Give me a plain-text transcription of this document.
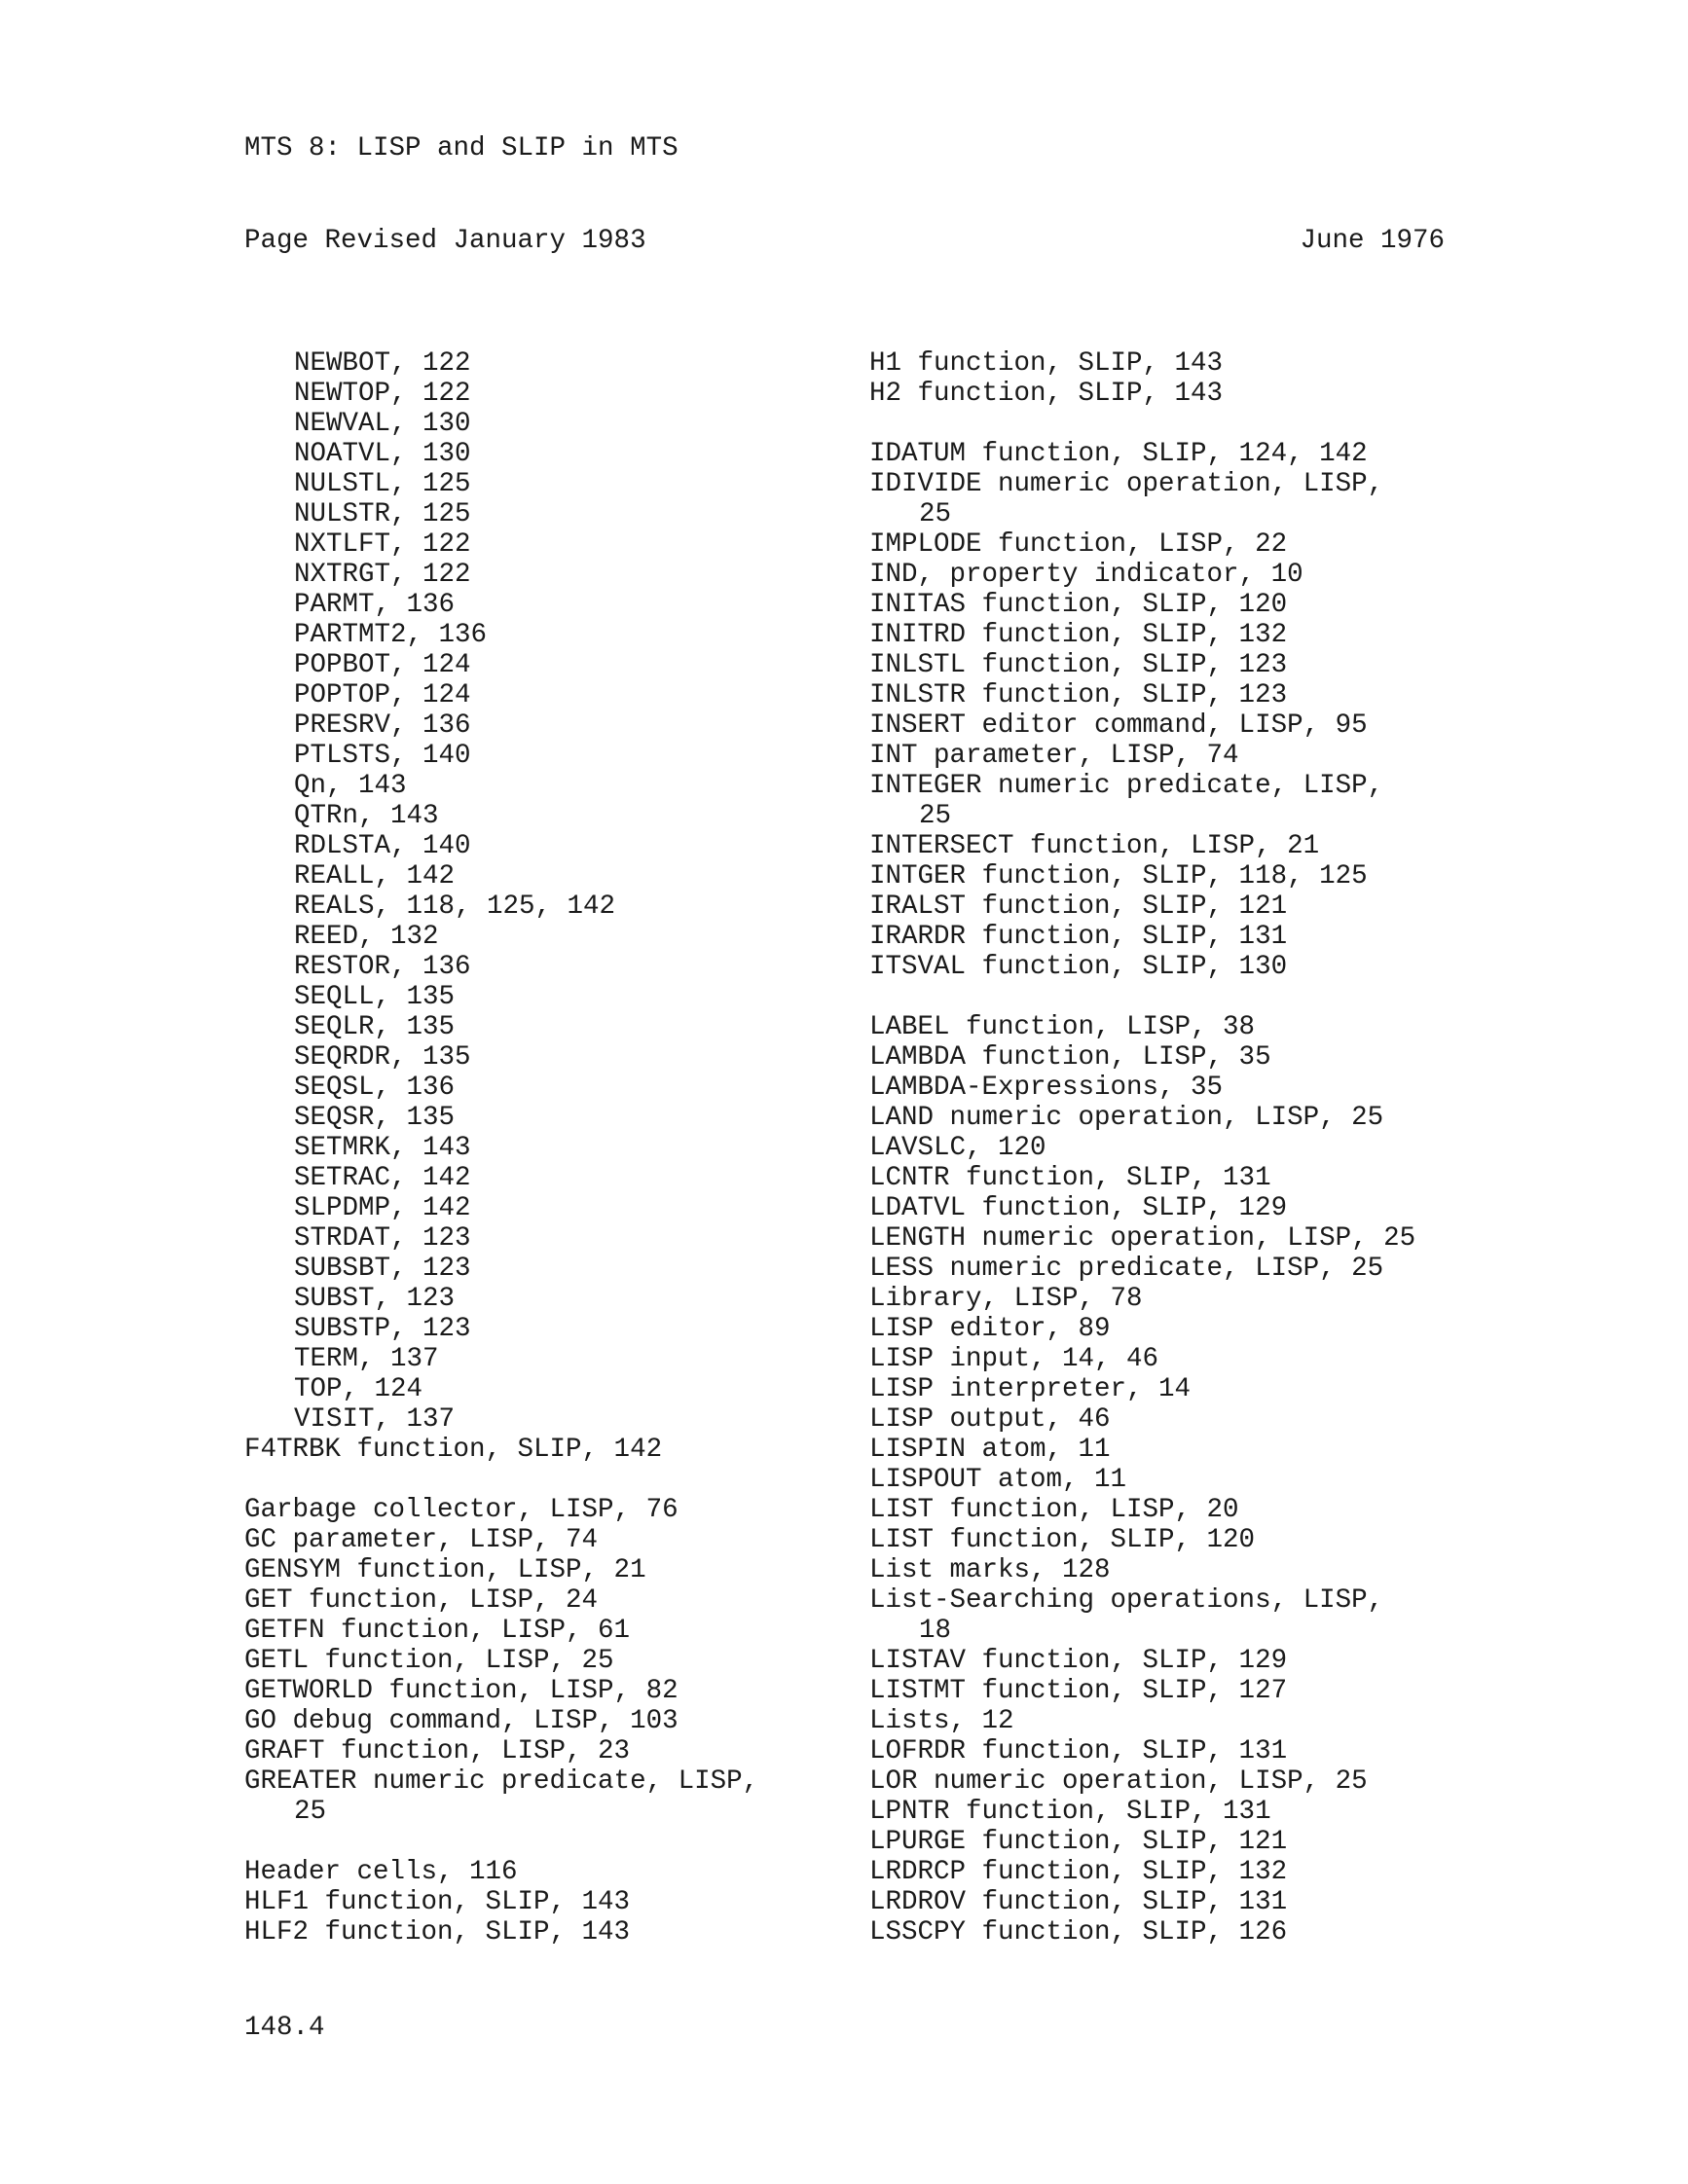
MTS 8: LISP and SLIP in MTS
Page Revised January 1983	June 1976
NEWBOT, 122
NEWTOP, 122
NEWVAL, 130
NOATVL, 130
NULSTL, 125
NULSTR, 125
NXTLFT, 122
NXTRGT, 122
PARMT, 136
PARTMT2, 136
POPBOT, 124
POPTOP, 124
PRESRV, 136
PTLSTS, 140
Qn, 143
QTRn, 143
RDLSTA, 140
REALL, 142
REALS, 118, 125, 142
REED, 132
RESTOR, 136
SEQLL, 135
SEQLR, 135
SEQRDR, 135
SEQSL, 136
SEQSR, 135
SETMRK, 143
SETRAC, 142
SLPDMP, 142
STRDAT, 123
SUBSBT, 123
SUBST, 123
SUBSTP, 123
TERM, 137
TOP, 124
VISIT, 137
F4TRBK function, SLIP, 142
Garbage collector, LISP, 76
GC parameter, LISP, 74
GENSYM function, LISP, 21
GET function, LISP, 24
GETFN function, LISP, 61
GETL function, LISP, 25
GETWORLD function, LISP, 82
GO debug command, LISP, 103
GRAFT function, LISP, 23
GREATER numeric predicate, LISP,
25
Header cells, 116
HLF1 function, SLIP, 143
HLF2 function, SLIP, 143
H1 function, SLIP, 143
H2 function, SLIP, 143
IDATUM function, SLIP, 124, 142
IDIVIDE numeric operation, LISP,
25
IMPLODE function, LISP, 22
IND, property indicator, 10
INITAS function, SLIP, 120
INITRD function, SLIP, 132
INLSTL function, SLIP, 123
INLSTR function, SLIP, 123
INSERT editor command, LISP, 95
INT parameter, LISP, 74
INTEGER numeric predicate, LISP,
25
INTERSECT function, LISP, 21
INTGER function, SLIP, 118, 125
IRALST function, SLIP, 121
IRARDR function, SLIP, 131
ITSVAL function, SLIP, 130
LABEL function, LISP, 38
LAMBDA function, LISP, 35
LAMBDA-Expressions, 35
LAND numeric operation, LISP, 25
LAVSLC, 120
LCNTR function, SLIP, 131
LDATVL function, SLIP, 129
LENGTH numeric operation, LISP, 25
LESS numeric predicate, LISP, 25
Library, LISP, 78
LISP editor, 89
LISP input, 14, 46
LISP interpreter, 14
LISP output, 46
LISPIN atom, 11
LISPOUT atom, 11
LIST function, LISP, 20
LIST function, SLIP, 120
List marks, 128
List-Searching operations, LISP,
18
LISTAV function, SLIP, 129
LISTMT function, SLIP, 127
Lists, 12
LOFRDR function, SLIP, 131
LOR numeric operation, LISP, 25
LPNTR function, SLIP, 131
LPURGE function, SLIP, 121
LRDRCP function, SLIP, 132
LRDROV function, SLIP, 131
LSSCPY function, SLIP, 126
148.4
